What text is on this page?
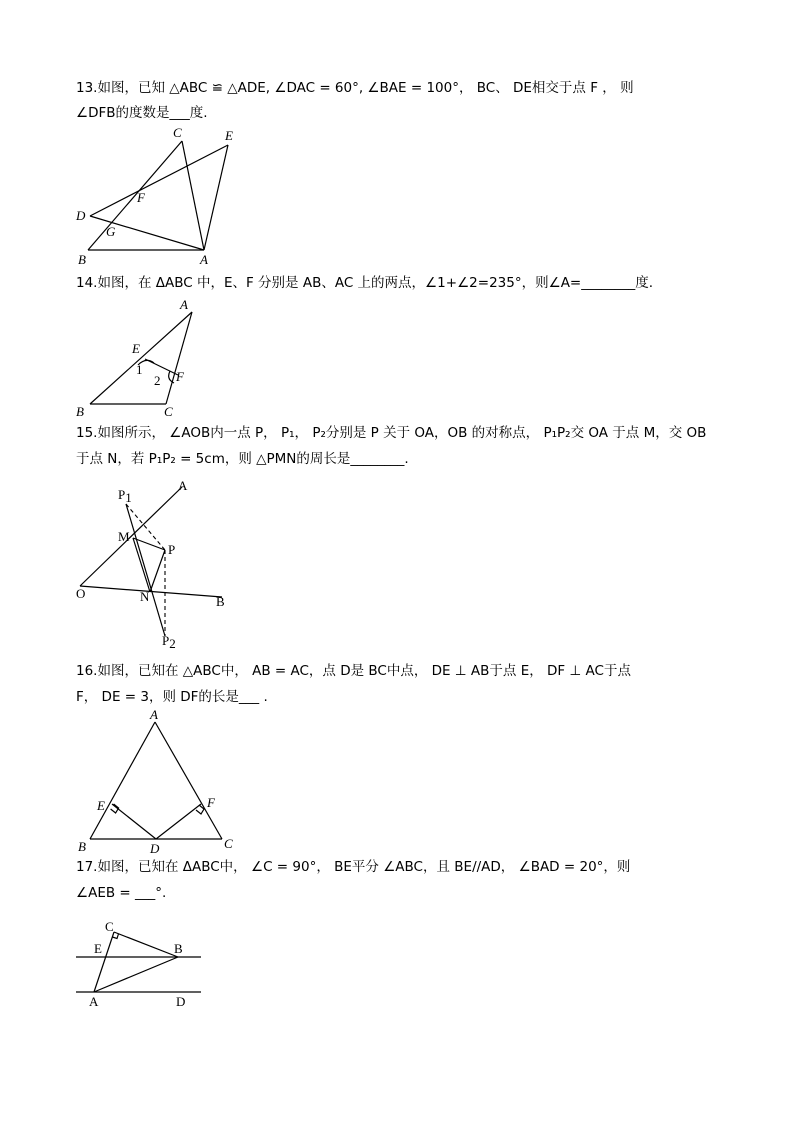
13.如图，已知 △ABC ≌ △ADE, ∠DAC = 60°, ∠BAE = 100°， BC、 DE相交于点 F ， 则
∠DFB的度数是___度.
C	E
F
D
G
B	A
14.如图，在 ΔABC 中，E、F 分别是 AB、AC 上的两点，∠1+∠2=235°，则∠A=________度.
A
E
F
1
2
B	C
15.如图所示， ∠AOB内一点 P， P₁， P₂分别是 P 关于 OA，OB 的对称点， P₁P₂交 OA 于点 M，交 OB
于点 N，若 P₁P₂ = 5cm，则 △PMN的周长是________.
P1
A
M
P
O	N	B
P2
16.如图，已知在 △ABC中， AB = AC，点 D是 BC中点， DE ⊥ AB于点 E， DF ⊥ AC于点
F， DE = 3，则 DF的长是___ .
A
E	F
B	D	C
17.如图，已知在 ΔABC中， ∠C = 90°， BE平分 ∠ABC，且 BE//AD， ∠BAD = 20°，则
∠AEB = ___°.
C
E	B
A	D
